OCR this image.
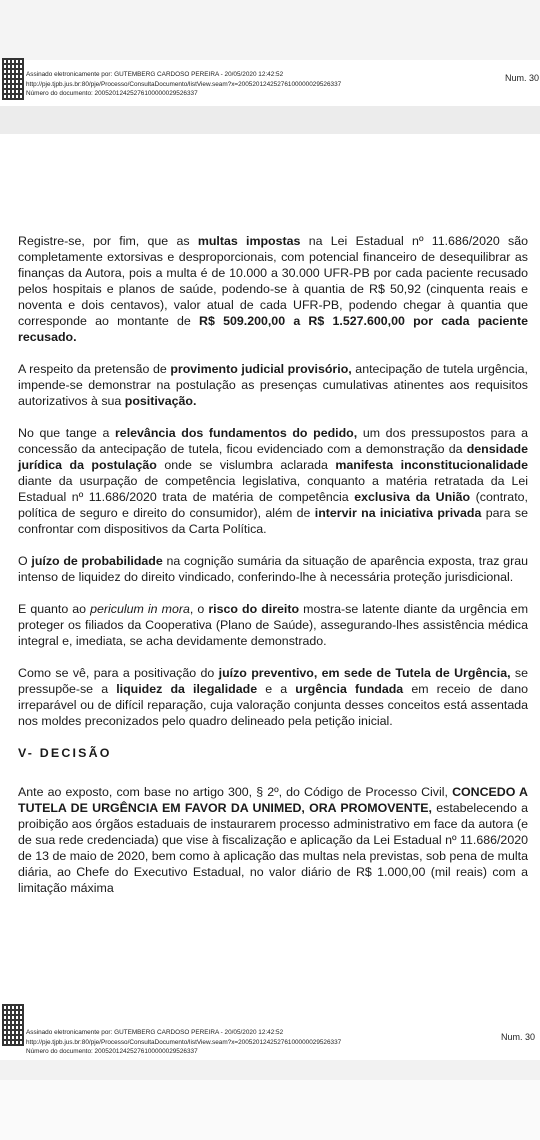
Assinado eletronicamente por: GUTEMBERG CARDOSO PEREIRA - 20/05/2020 12:42:52
http://pje.tjpb.jus.br:80/pje/Processo/ConsultaDocumento/listView.seam?x=20052012425276100000029526337
Número do documento: 20052012425276100000029526337
Num. 30

Registre-se, por fim, que as multas impostas na Lei Estadual nº 11.686/2020 são completamente extorsivas e desproporcionais, com potencial financeiro de desequilibrar as finanças da Autora, pois a multa é de 10.000 a 30.000 UFR-PB por cada paciente recusado pelos hospitais e planos de saúde, podendo-se à quantia de R$ 50,92 (cinquenta reais e noventa e dois centavos), valor atual de cada UFR-PB, podendo chegar à quantia que corresponde ao montante de R$ 509.200,00 a R$ 1.527.600,00 por cada paciente recusado.

A respeito da pretensão de provimento judicial provisório, antecipação de tutela urgência, impende-se demonstrar na postulação as presenças cumulativas atinentes aos requisitos autorizativos à sua positivação.

No que tange a relevância dos fundamentos do pedido, um dos pressupostos para a concessão da antecipação de tutela, ficou evidenciado com a demonstração da densidade jurídica da postulação onde se vislumbra aclarada manifesta inconstitucionalidade diante da usurpação de competência legislativa, conquanto a matéria retratada da Lei Estadual nº 11.686/2020 trata de matéria de competência exclusiva da União (contrato, política de seguro e direito do consumidor), além de intervir na iniciativa privada para se confrontar com dispositivos da Carta Política.

O juízo de probabilidade na cognição sumária da situação de aparência exposta, traz grau intenso de liquidez do direito vindicado, conferindo-lhe à necessária proteção jurisdicional.

E quanto ao periculum in mora, o risco do direito mostra-se latente diante da urgência em proteger os filiados da Cooperativa (Plano de Saúde), assegurando-lhes assistência médica integral e, imediata, se acha devidamente demonstrado.

Como se vê, para a positivação do juízo preventivo, em sede de Tutela de Urgência, se pressupõe-se a liquidez da ilegalidade e a urgência fundada em receio de dano irreparável ou de difícil reparação, cuja valoração conjunta desses conceitos está assentada nos moldes preconizados pelo quadro delineado pela petição inicial.

V- DECISÃO

Ante ao exposto, com base no artigo 300, § 2º, do Código de Processo Civil, CONCEDO A TUTELA DE URGÊNCIA EM FAVOR DA UNIMED, ORA PROMOVENTE, estabelecendo a proibição aos órgãos estaduais de instaurarem processo administrativo em face da autora (e de sua rede credenciada) que vise à fiscalização e aplicação da Lei Estadual nº 11.686/2020 de 13 de maio de 2020, bem como à aplicação das multas nela previstas, sob pena de multa diária, ao Chefe do Executivo Estadual, no valor diário de R$ 1.000,00 (mil reais) com a limitação máxima

Assinado eletronicamente por: GUTEMBERG CARDOSO PEREIRA - 20/05/2020 12:42:52
http://pje.tjpb.jus.br:80/pje/Processo/ConsultaDocumento/listView.seam?x=20052012425276100000029526337
Número do documento: 20052012425276100000029526337
Num. 30
